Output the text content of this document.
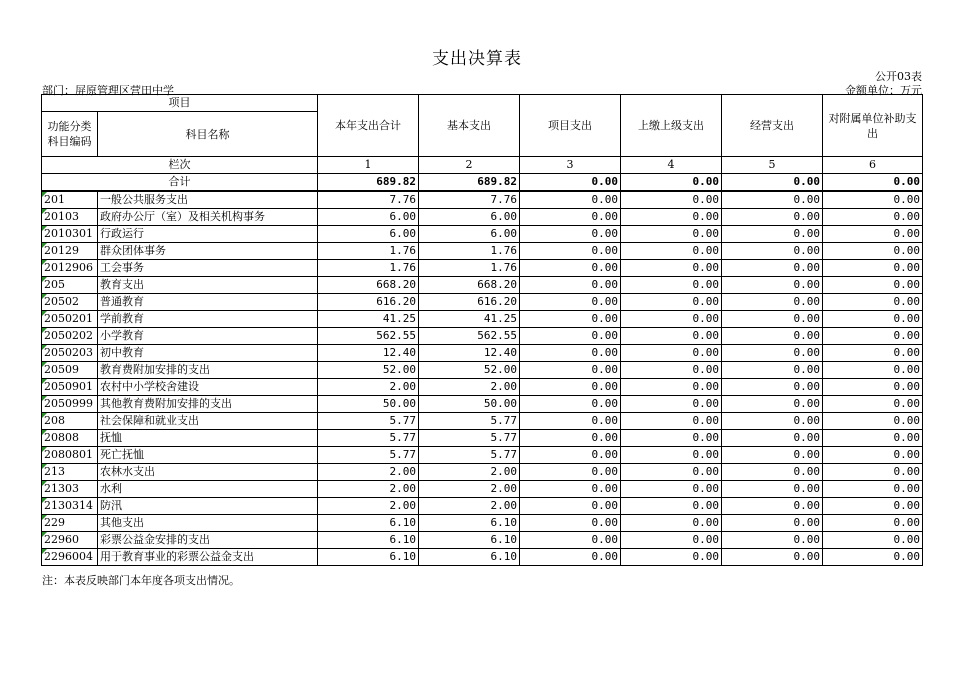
支出决算表
公开03表
部门：屏原管理区营田中学	金额单位：万元
项目		本年支出合计	基本支出	项目支出	上缴上级支出	经营支出	对附属单位补助支出
功能分类科目编码	科目名称						
栏次		1	2	3	4	5	6
合计		689.82	689.82	0.00	0.00	0.00	0.00
201	一般公共服务支出	7.76	7.76	0.00	0.00	0.00	0.00
20103	政府办公厅（室）及相关机构事务	6.00	6.00	0.00	0.00	0.00	0.00
2010301	行政运行	6.00	6.00	0.00	0.00	0.00	0.00
20129	群众团体事务	1.76	1.76	0.00	0.00	0.00	0.00
2012906	工会事务	1.76	1.76	0.00	0.00	0.00	0.00
205	教育支出	668.20	668.20	0.00	0.00	0.00	0.00
20502	普通教育	616.20	616.20	0.00	0.00	0.00	0.00
2050201	学前教育	41.25	41.25	0.00	0.00	0.00	0.00
2050202	小学教育	562.55	562.55	0.00	0.00	0.00	0.00
2050203	初中教育	12.40	12.40	0.00	0.00	0.00	0.00
20509	教育费附加安排的支出	52.00	52.00	0.00	0.00	0.00	0.00
2050901	农村中小学校舍建设	2.00	2.00	0.00	0.00	0.00	0.00
2050999	其他教育费附加安排的支出	50.00	50.00	0.00	0.00	0.00	0.00
208	社会保障和就业支出	5.77	5.77	0.00	0.00	0.00	0.00
20808	抚恤	5.77	5.77	0.00	0.00	0.00	0.00
2080801	死亡抚恤	5.77	5.77	0.00	0.00	0.00	0.00
213	农林水支出	2.00	2.00	0.00	0.00	0.00	0.00
21303	水利	2.00	2.00	0.00	0.00	0.00	0.00
2130314	防汛	2.00	2.00	0.00	0.00	0.00	0.00
229	其他支出	6.10	6.10	0.00	0.00	0.00	0.00
22960	彩票公益金安排的支出	6.10	6.10	0.00	0.00	0.00	0.00
2296004	用于教育事业的彩票公益金支出	6.10	6.10	0.00	0.00	0.00	0.00
注：本表反映部门本年度各项支出情况。
